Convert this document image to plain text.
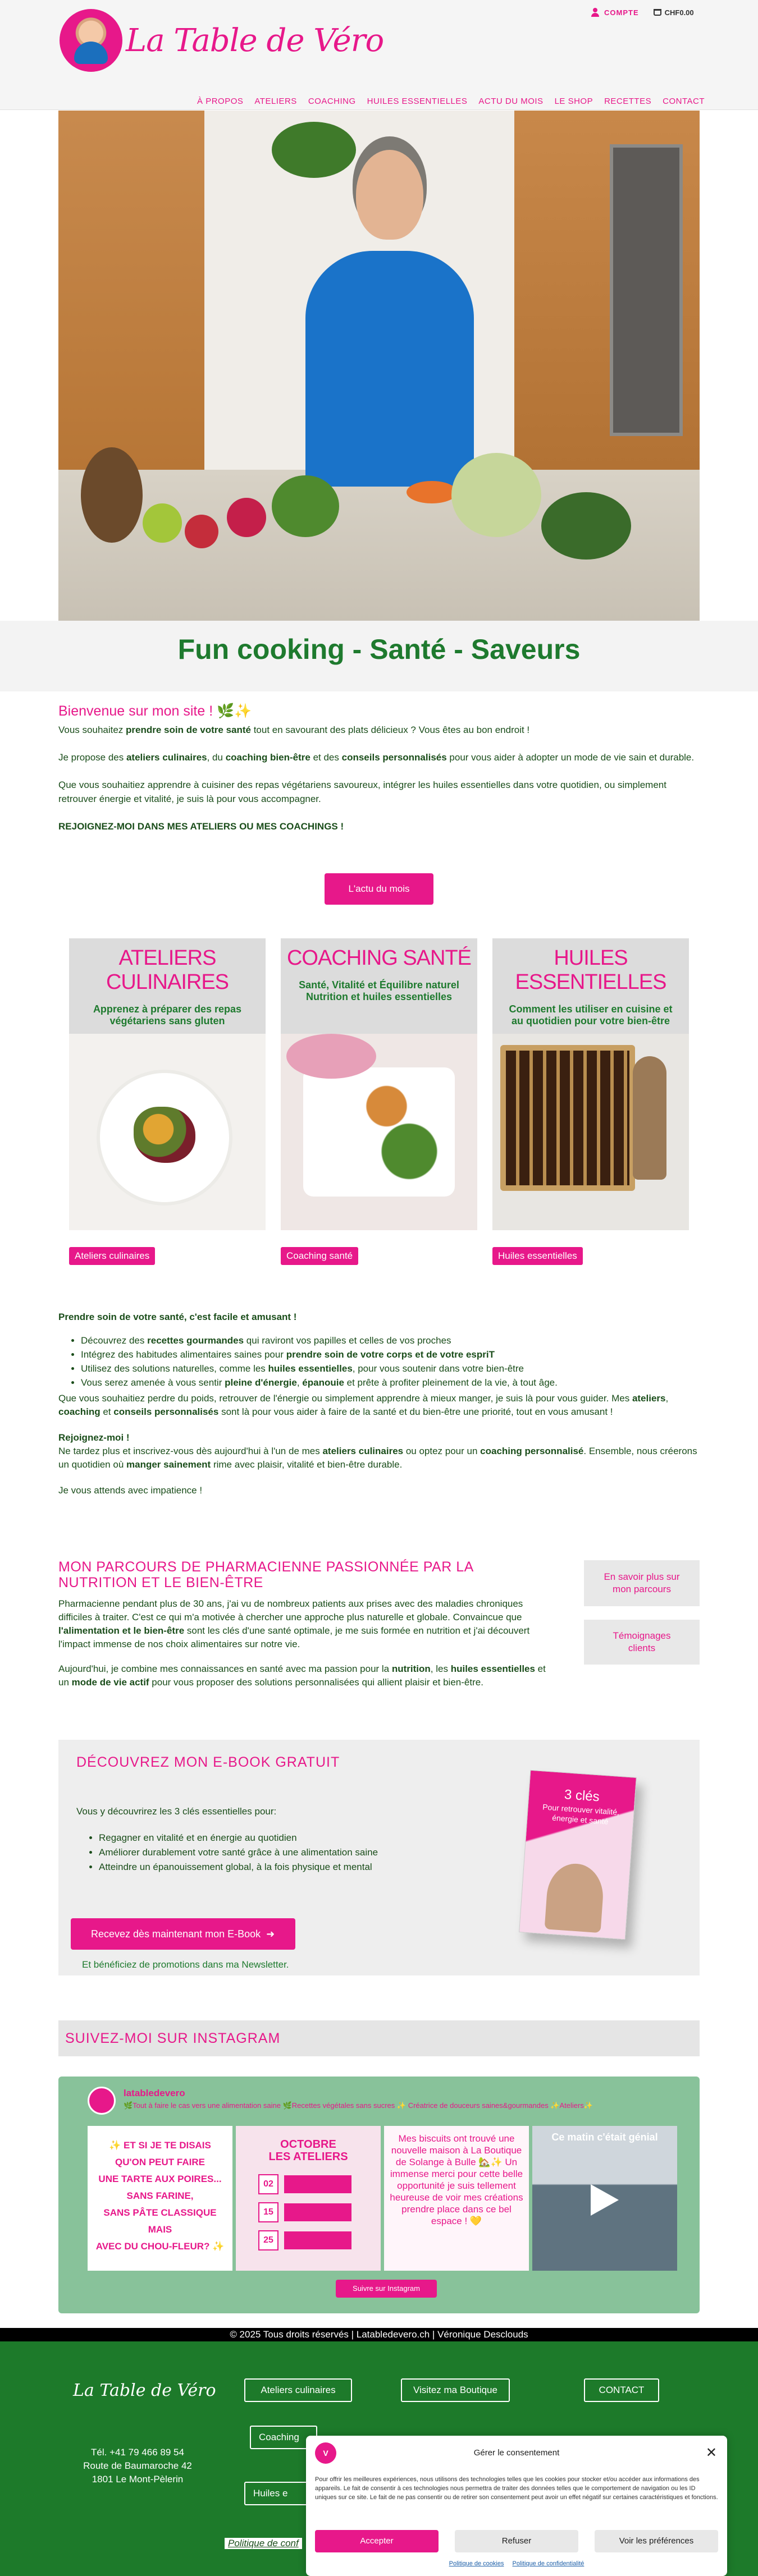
La Table de Véro
COMPTE	CHF0.00
À PROPOS ATELIERS COACHING HUILES ESSENTIELLES ACTU DU MOIS LE SHOP RECETTES CONTACT
Fun cooking - Santé - Saveurs
Bienvenue sur mon site ! 🌿✨

Vous souhaitez prendre soin de votre santé tout en savourant des plats délicieux ? Vous êtes au bon endroit !

Je propose des ateliers culinaires, du coaching bien-être et des conseils personnalisés pour vous aider à adopter un mode de vie sain et durable.

Que vous souhaitiez apprendre à cuisiner des repas végétariens savoureux, intégrer les huiles essentielles dans votre quotidien, ou simplement retrouver énergie et vitalité, je suis là pour vous accompagner.

REJOIGNEZ-MOI DANS MES ATELIERS OU MES COACHINGS !

L'actu du mois
ATELIERS CULINAIRES
Apprenez à préparer des repas végétariens sans gluten
COACHING SANTÉ
Santé, Vitalité et Équilibre naturel Nutrition et huiles essentielles
HUILES ESSENTIELLES
Comment les utiliser en cuisine et au quotidien pour votre bien-être
Ateliers culinaires	Coaching santé	Huiles essentielles

Prendre soin de votre santé, c'est facile et amusant !

• Découvrez des recettes gourmandes qui raviront vos papilles et celles de vos proches
• Intégrez des habitudes alimentaires saines pour prendre soin de votre corps et de votre espriT
• Utilisez des solutions naturelles, comme les huiles essentielles, pour vous soutenir dans votre bien-être
• Vous serez amenée à vous sentir pleine d'énergie, épanouie et prête à profiter pleinement de la vie, à tout âge.

Que vous souhaitiez perdre du poids, retrouver de l'énergie ou simplement apprendre à mieux manger, je suis là pour vous guider. Mes ateliers, coaching et conseils personnalisés sont là pour vous aider à faire de la santé et du bien-être une priorité, tout en vous amusant !

Rejoignez-moi !

Ne tardez plus et inscrivez-vous dès aujourd'hui à l'un de mes ateliers culinaires ou optez pour un coaching personnalisé. Ensemble, nous créerons un quotidien où manger sainement rime avec plaisir, vitalité et bien-être durable.

Je vous attends avec impatience !

MON PARCOURS DE PHARMACIENNE PASSIONNÉE PAR LA NUTRITION ET LE BIEN-ÊTRE

Pharmacienne pendant plus de 30 ans, j'ai vu de nombreux patients aux prises avec des maladies chroniques difficiles à traiter. C'est ce qui m'a motivée à chercher une approche plus naturelle et globale. Convaincue que l'alimentation et le bien-être sont les clés d'une santé optimale, je me suis formée en nutrition et j'ai découvert l'impact immense de nos choix alimentaires sur notre vie.

Aujourd'hui, je combine mes connaissances en santé avec ma passion pour la nutrition, les huiles essentielles et un mode de vie actif pour vous proposer des solutions personnalisées qui allient plaisir et bien-être.

En savoir plus sur mon parcours
Témoignages clients
DÉCOUVREZ MON E-BOOK GRATUIT
Vous y découvrirez les 3 clés essentielles pour:
• Regagner en vitalité et en énergie au quotidien
• Améliorer durablement votre santé grâce à une alimentation saine
• Atteindre un épanouissement global, à la fois physique et mental
Recevez dès maintenant mon E-Book  ➜
Et bénéficiez de promotions dans ma Newsletter.
3 clés
Pour retrouver vitalité, énergie et santé
SUIVEZ-MOI SUR INSTAGRAM
latabledevero
🌿Tout à faire le cas vers une alimentation saine 🌿Recettes végétales sans sucres ✨ Créatrice de douceurs saines&gourmandes ✨Ateliers✨
✨ ET SI JE TE DISAIS
QU'ON PEUT FAIRE
UNE TARTE AUX POIRES...
SANS FARINE,
SANS PÂTE CLASSIQUE
MAIS
AVEC DU CHOU-FLEUR? ✨
OCTOBRE
LES ATELIERS
02
15
25
Mes biscuits ont trouvé une nouvelle maison à La Boutique de Solange à Bulle 🏡✨ Un immense merci pour cette belle opportunité je suis tellement heureuse de voir mes créations prendre place dans ce bel espace ! 💛
Ce matin c'était génial
Suivre sur Instagram
© 2025 Tous droits réservés | Latabledevero.ch | Véronique Desclouds
La Table de Véro
Tél. +41 79 466 89 54
Route de Baumaroche 42
1801 Le Mont-Pèlerin
Ateliers culinaires	Visitez ma Boutique	CONTACT
Coaching
Huiles e
Politique de conf
V	Gérer le consentement	✕
Pour offrir les meilleures expériences, nous utilisons des technologies telles que les cookies pour stocker et/ou accéder aux informations des appareils. Le fait de consentir à ces technologies nous permettra de traiter des données telles que le comportement de navigation ou les ID uniques sur ce site. Le fait de ne pas consentir ou de retirer son consentement peut avoir un effet négatif sur certaines caractéristiques et fonctions.
Accepter	Refuser	Voir les préférences
Politique de cookies Politique de confidentialité
